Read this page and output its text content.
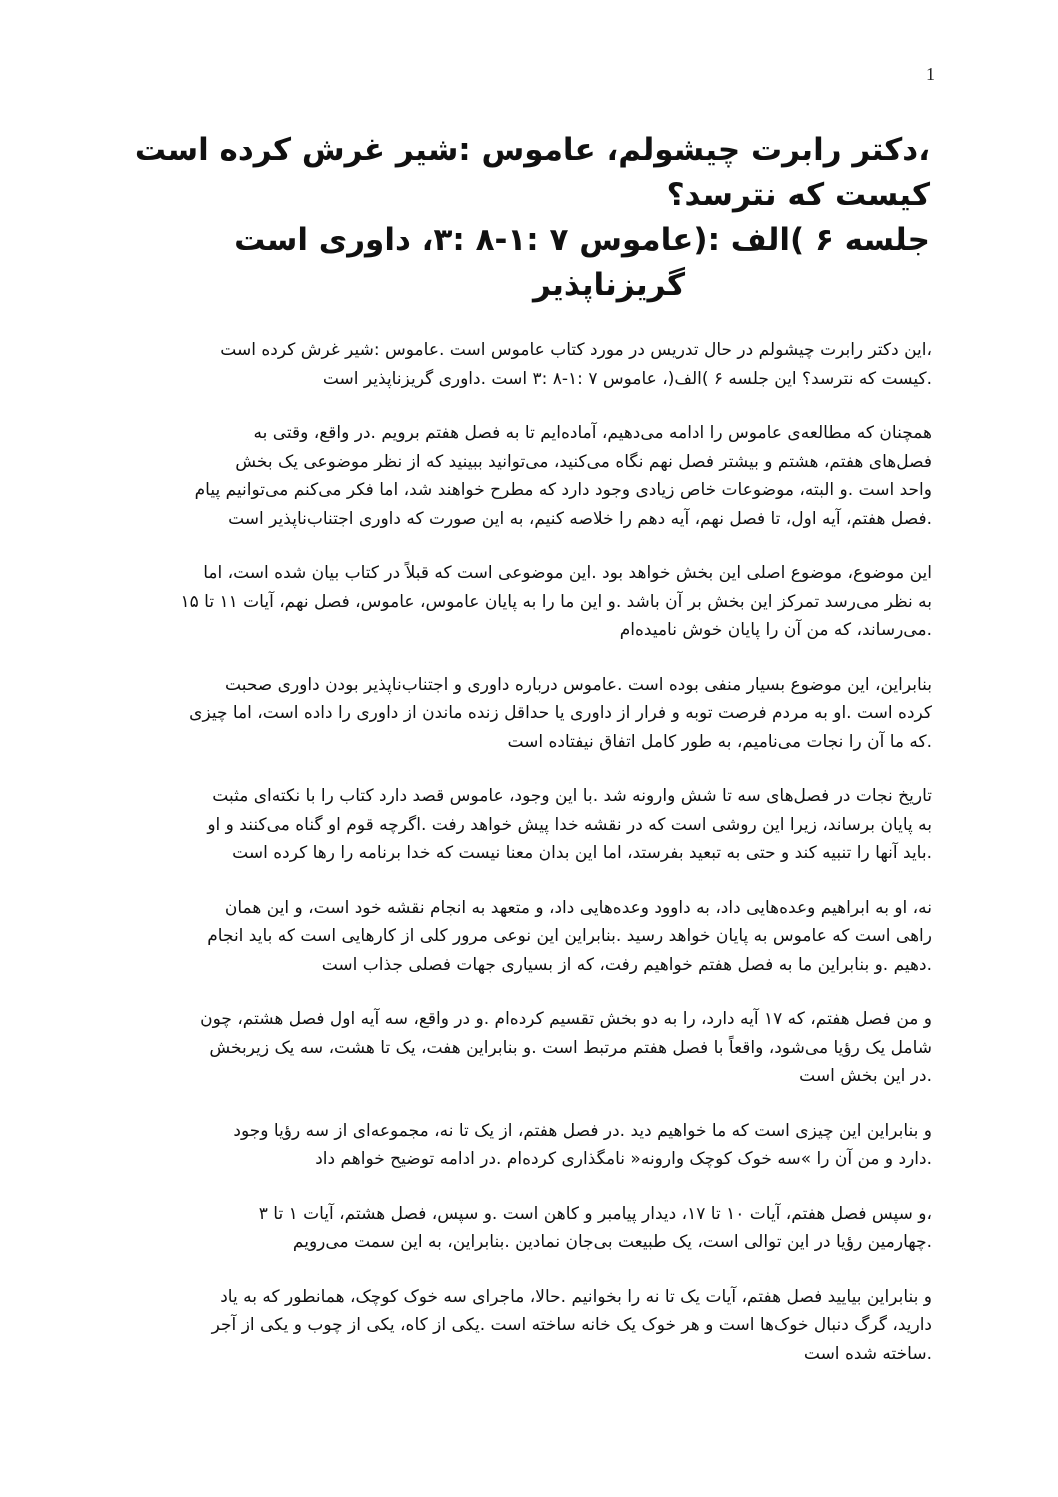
1
،دکتر رابرت چیشولم، عاموس :شیر غرش کرده است
کیست که نترسد؟
جلسه ۶ )الف :(عاموس ۷ :۱-۸ :۳، داوری است
گریزناپذیر

،این دکتر رابرت چیشولم در حال تدریس در مورد کتاب عاموس است .عاموس :شیر غرش کرده است
.کیست که نترسد؟ این جلسه ۶ )الف(، عاموس ۷ :۱-۸ :۳ است .داوری گریزناپذیر است

همچنان که مطالعه‌ی عاموس را ادامه می‌دهیم، آماده‌ایم تا به فصل هفتم برویم .در واقع، وقتی به
فصل‌های هفتم، هشتم و بیشتر فصل نهم نگاه می‌کنید، می‌توانید ببینید که از نظر موضوعی یک بخش
واحد است .و البته، موضوعات خاص زیادی وجود دارد که مطرح خواهند شد، اما فکر می‌کنم می‌توانیم پیام
.فصل هفتم، آیه اول، تا فصل نهم، آیه دهم را خلاصه کنیم، به این صورت که داوری اجتناب‌ناپذیر است

این موضوع، موضوع اصلی این بخش خواهد بود .این موضوعی است که قبلاً در کتاب بیان شده است، اما
به نظر می‌رسد تمرکز این بخش بر آن باشد .و این ما را به پایان عاموس، عاموس، فصل نهم، آیات ۱۱ تا ۱۵
.می‌رساند، که من آن را پایان خوش نامیده‌ام

بنابراین، این موضوع بسیار منفی بوده است .عاموس درباره داوری و اجتناب‌ناپذیر بودن داوری صحبت
کرده است .او به مردم فرصت توبه و فرار از داوری یا حداقل زنده ماندن از داوری را داده است، اما چیزی
.که ما آن را نجات می‌نامیم، به طور کامل اتفاق نیفتاده است

تاریخ نجات در فصل‌های سه تا شش وارونه شد .با این وجود، عاموس قصد دارد کتاب را با نکته‌ای مثبت
به پایان برساند، زیرا این روشی است که در نقشه خدا پیش خواهد رفت .اگرچه قوم او گناه می‌کنند و او
.باید آنها را تنبیه کند و حتی به تبعید بفرستد، اما این بدان معنا نیست که خدا برنامه را رها کرده است

نه، او به ابراهیم وعده‌هایی داد، به داوود وعده‌هایی داد، و متعهد به انجام نقشه خود است، و این همان
راهی است که عاموس به پایان خواهد رسید .بنابراین این نوعی مرور کلی از کارهایی است که باید انجام
.دهیم .و بنابراین ما به فصل هفتم خواهیم رفت، که از بسیاری جهات فصلی جذاب است

و من فصل هفتم، که ۱۷ آیه دارد، را به دو بخش تقسیم کرده‌ام .و در واقع، سه آیه اول فصل هشتم، چون
شامل یک رؤیا می‌شود، واقعاً با فصل هفتم مرتبط است .و بنابراین هفت، یک تا هشت، سه یک زیربخش
.در این بخش است

و بنابراین این چیزی است که ما خواهیم دید .در فصل هفتم، از یک تا نه، مجموعه‌ای از سه رؤیا وجود
.دارد و من آن را »سه خوک کوچک وارونه« نامگذاری کرده‌ام .در ادامه توضیح خواهم داد

،و سپس فصل هفتم، آیات ۱۰ تا ۱۷، دیدار پیامبر و کاهن است .و سپس، فصل هشتم، آیات ۱ تا ۳
.چهارمین رؤیا در این توالی است، یک طبیعت بی‌جان نمادین .بنابراین، به این سمت می‌رویم

و بنابراین بیایید فصل هفتم، آیات یک تا نه را بخوانیم .حالا، ماجرای سه خوک کوچک، همانطور که به یاد
دارید، گرگ دنبال خوک‌ها است و هر خوک یک خانه ساخته است .یکی از کاه، یکی از چوب و یکی از آجر
.ساخته شده است
